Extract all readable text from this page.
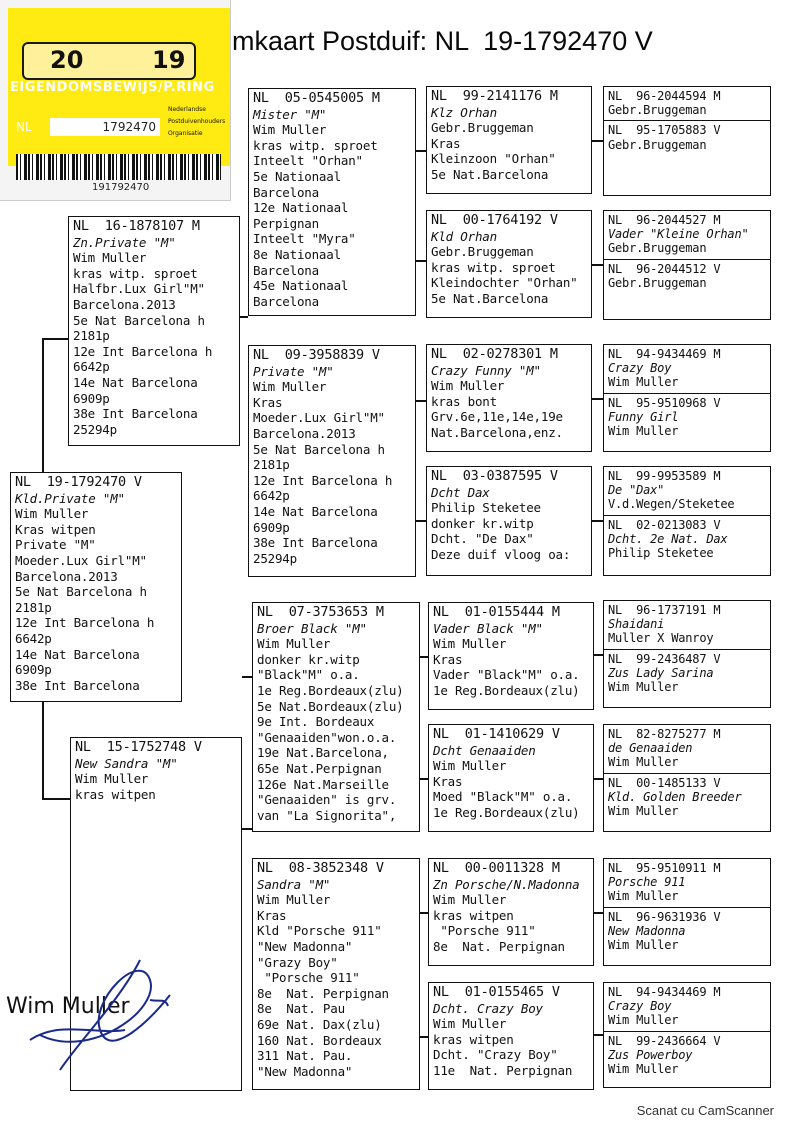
20	19
EIGENDOMSBEWIJS/P.RING
NL	1792470
Nederlandse
Postduivenhouders
Organisatie
191792470
mkaart Postduif: NL  19-1792470 V
NL  19-1792470 V
Kld.Private "M"
Wim Muller
Kras witpen
Private "M"
Moeder.Lux Girl"M"
Barcelona.2013
5e Nat Barcelona h
2181p
12e Int Barcelona h
6642p
14e Nat Barcelona
6909p
38e Int Barcelona
NL  16-1878107 M
Zn.Private "M"
Wim Muller
kras witp. sproet
Halfbr.Lux Girl"M"
Barcelona.2013
5e Nat Barcelona h
2181p
12e Int Barcelona h
6642p
14e Nat Barcelona
6909p
38e Int Barcelona
25294p
NL  15-1752748 V
New Sandra "M"
Wim Muller
kras witpen
NL  05-0545005 M
Mister "M"
Wim Muller
kras witp. sproet
Inteelt "Orhan"
5e Nationaal
Barcelona
12e Nationaal
Perpignan
Inteelt "Myra"
8e Nationaal
Barcelona
45e Nationaal
Barcelona
NL  09-3958839 V
Private "M"
Wim Muller
Kras
Moeder.Lux Girl"M"
Barcelona.2013
5e Nat Barcelona h
2181p
12e Int Barcelona h
6642p
14e Nat Barcelona
6909p
38e Int Barcelona
25294p
NL  07-3753653 M
Broer Black "M"
Wim Muller
donker kr.witp
"Black"M" o.a.
1e Reg.Bordeaux(zlu)
5e Nat.Bordeaux(zlu)
9e Int. Bordeaux
"Genaaiden"won.o.a.
19e Nat.Barcelona,
65e Nat.Perpignan
126e Nat.Marseille
"Genaaiden" is grv.
van "La Signorita",
NL  08-3852348 V
Sandra "M"
Wim Muller
Kras
Kld "Porsche 911"
"New Madonna"
"Grazy Boy"
"Porsche 911"
8e  Nat. Perpignan
8e  Nat. Pau
69e Nat. Dax(zlu)
160 Nat. Bordeaux
311 Nat. Pau.
"New Madonna"
NL  99-2141176 M
Klz Orhan
Gebr.Bruggeman
Kras
Kleinzoon "Orhan"
5e Nat.Barcelona
NL  00-1764192 V
Kld Orhan
Gebr.Bruggeman
kras witp. sproet
Kleindochter "Orhan"
5e Nat.Barcelona
NL  02-0278301 M
Crazy Funny "M"
Wim Muller
kras bont
Grv.6e,11e,14e,19e
Nat.Barcelona,enz.
NL  03-0387595 V
Dcht Dax
Philip Steketee
donker kr.witp
Dcht. "De Dax"
Deze duif vloog oa:
NL  01-0155444 M
Vader Black "M"
Wim Muller
Kras
Vader "Black"M" o.a.
1e Reg.Bordeaux(zlu)
NL  01-1410629 V
Dcht Genaaiden
Wim Muller
Kras
Moed "Black"M" o.a.
1e Reg.Bordeaux(zlu)
NL  00-0011328 M
Zn Porsche/N.Madonna
Wim Muller
kras witpen
"Porsche 911"
8e  Nat. Perpignan
NL  01-0155465 V
Dcht. Crazy Boy
Wim Muller
kras witpen
Dcht. "Crazy Boy"
11e  Nat. Perpignan
NL  96-2044594 M
Gebr.Bruggeman
NL  95-1705883 V
Gebr.Bruggeman
NL  96-2044527 M
Vader "Kleine Orhan"
Gebr.Bruggeman
NL  96-2044512 V
Gebr.Bruggeman
NL  94-9434469 M
Crazy Boy
Wim Muller
NL  95-9510968 V
Funny Girl
Wim Muller
NL  99-9953589 M
De "Dax"
V.d.Wegen/Steketee
NL  02-0213083 V
Dcht. 2e Nat. Dax
Philip Steketee
NL  96-1737191 M
Shaidani
Muller X Wanroy
NL  99-2436487 V
Zus Lady Sarina
Wim Muller
NL  82-8275277 M
de Genaaiden
Wim Muller
NL  00-1485133 V
Kld. Golden Breeder
Wim Muller
NL  95-9510911 M
Porsche 911
Wim Muller
NL  96-9631936 V
New Madonna
Wim Muller
NL  94-9434469 M
Crazy Boy
Wim Muller
NL  99-2436664 V
Zus Powerboy
Wim Muller
Wim Muller
Scanat cu CamScanner
